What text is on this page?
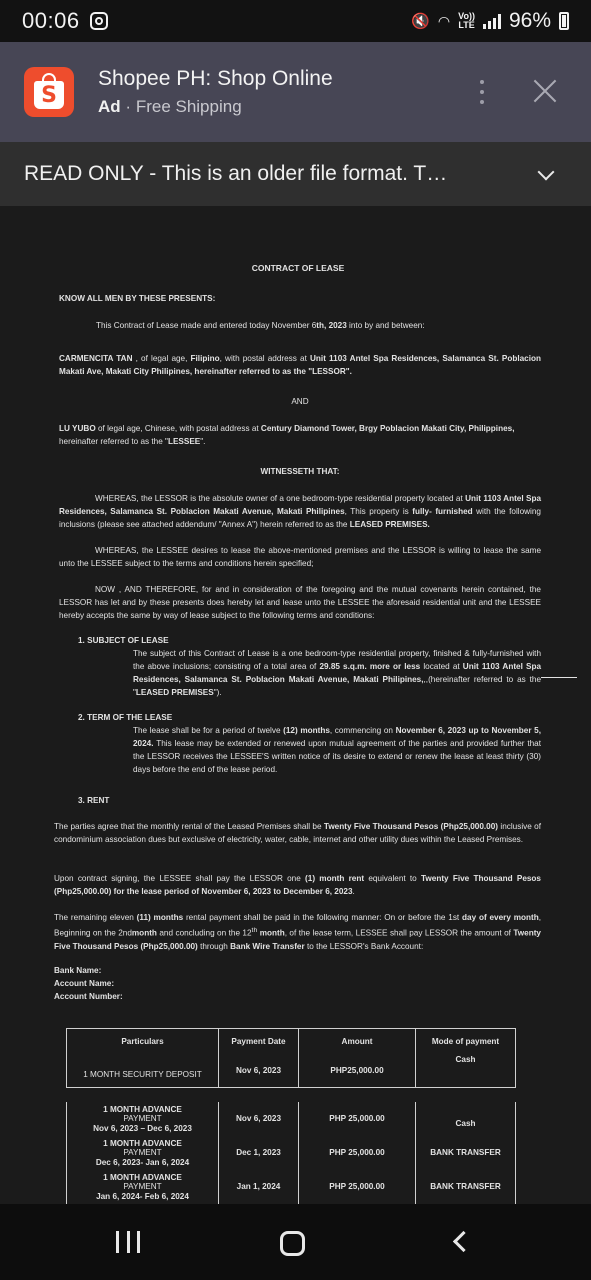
00:06	🔇 ◠ Vo))
LTE 96%
S
Shopee PH: Shop Online
Ad · Free Shipping
READ ONLY - This is an older file format. T…
CONTRACT OF LEASE
KNOW ALL MEN BY THESE PRESENTS:
This Contract of Lease made and entered today November 6th, 2023 into by and between:
CARMENCITA TAN , of legal age, Filipino, with postal address at Unit 1103 Antel Spa Residences, Salamanca St. Poblacion Makati Ave, Makati City Philipines, hereinafter referred to as the "LESSOR".
AND
LU YUBO of legal age, Chinese, with postal address at Century Diamond Tower, Brgy Poblacion Makati City, Philippines, hereinafter referred to as the "LESSEE".
WITNESSETH THAT:
WHEREAS, the LESSOR is the absolute owner of a one bedroom-type residential property located at Unit 1103 Antel Spa Residences, Salamanca St. Poblacion Makati Avenue, Makati Philipines, This property is fully- furnished with the following inclusions (please see attached addendum/ "Annex A") herein referred to as the LEASED PREMISES.
WHEREAS, the LESSEE desires to lease the above-mentioned premises and the LESSOR is willing to lease the same unto the LESSEE subject to the terms and conditions herein specified;
NOW , AND THEREFORE, for and in consideration of the foregoing and the mutual covenants herein contained, the LESSOR has let and by these presents does hereby let and lease unto the LESSEE the aforesaid residential unit and the LESSEE hereby accepts the same by way of lease subject to the following terms and conditions:
1. SUBJECT OF LEASE
The subject of this Contract of Lease is a one bedroom-type residential property, finished & fully-furnished with the above inclusions; consisting of a total area of 29.85 s.q.m. more or less located at Unit 1103 Antel Spa Residences, Salamanca St. Poblacion Makati Avenue, Makati Philipines,,,(hereinafter referred to as the "LEASED PREMISES").
2. TERM OF THE LEASE
The lease shall be for a period of twelve (12) months, commencing on November 6, 2023 up to November 5, 2024. This lease may be extended or renewed upon mutual agreement of the parties and provided further that the LESSOR receives the LESSEE'S written notice of its desire to extend or renew the lease at least thirty (30) days before the end of the lease period.
3. RENT
The parties agree that the monthly rental of the Leased Premises shall be Twenty Five Thousand Pesos (Php25,000.00) inclusive of condominium association dues but exclusive of electricity, water, cable, internet and other utility dues within the Leased Premises.
Upon contract signing, the LESSEE shall pay the LESSOR one (1) month rent equivalent to Twenty Five Thousand Pesos (Php25,000.00) for the lease period of November 6, 2023 to December 6, 2023.
The remaining eleven (11) months rental payment shall be paid in the following manner: On or before the 1st day of every month, Beginning on the 2ndmonth and concluding on the 12th month, of the lease term, LESSEE shall pay LESSOR the amount of Twenty Five Thousand Pesos (Php25,000.00) through Bank Wire Transfer to the LESSOR's Bank Account:
Bank Name:
Account Name:
Account Number:
Particulars	Payment Date	Amount	Mode of payment
1 MONTH SECURITY DEPOSIT	Nov 6, 2023	PHP25,000.00	Cash
1 MONTH ADVANCE
PAYMENT
Nov 6, 2023 – Dec 6, 2023	Nov 6, 2023	PHP 25,000.00	Cash
1 MONTH ADVANCE
PAYMENT
Dec 6, 2023- Jan 6, 2024	Dec 1, 2023	PHP 25,000.00	BANK TRANSFER
1 MONTH ADVANCE
PAYMENT
Jan 6, 2024- Feb 6, 2024	Jan 1, 2024	PHP 25,000.00	BANK TRANSFER
